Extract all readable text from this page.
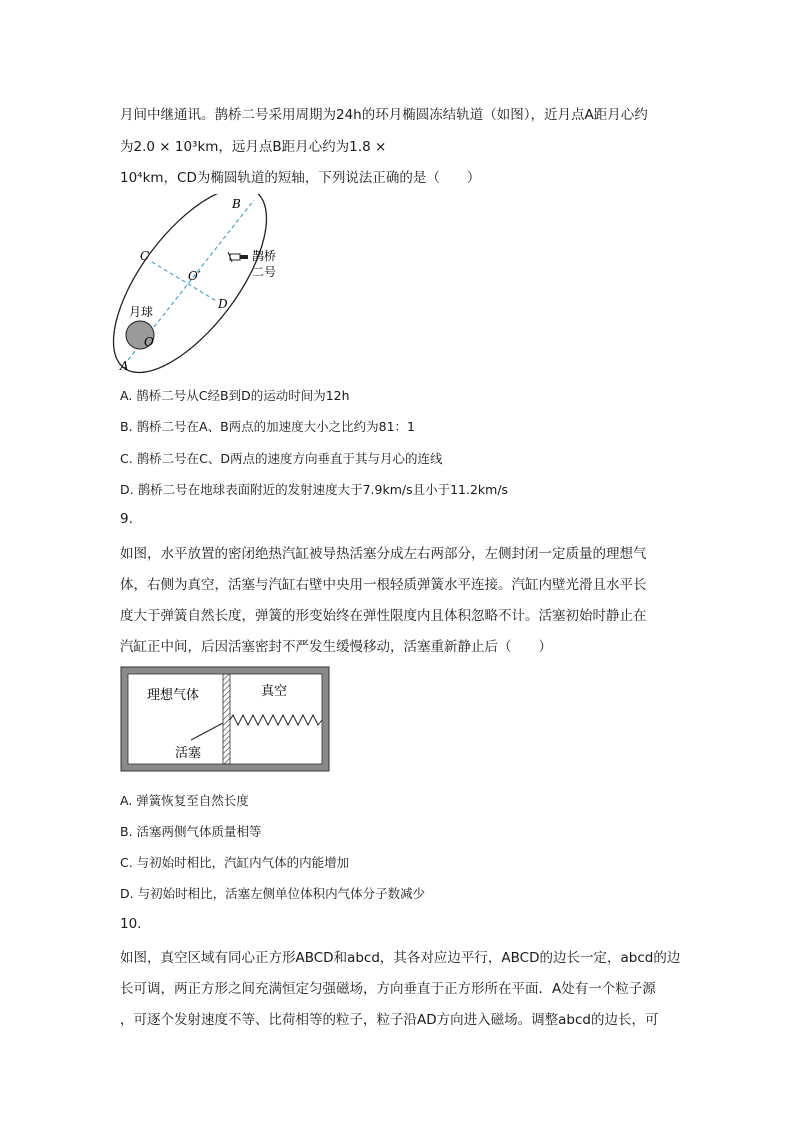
月间中继通讯。鹊桥二号采用周期为24h的环月椭圆冻结轨道（如图），近月点A距月心约
为2.0 × 10³km，远月点B距月心约为1.8 ×
10⁴km，CD为椭圆轨道的短轴，下列说法正确的是（　　）
B
C
O′
D
月球
O
A
鹊桥
二号
A. 鹊桥二号从C经B到D的运动时间为12h
B. 鹊桥二号在A、B两点的加速度大小之比约为81：1
C. 鹊桥二号在C、D两点的速度方向垂直于其与月心的连线
D. 鹊桥二号在地球表面附近的发射速度大于7.9km/s且小于11.2km/s
9.
如图，水平放置的密闭绝热汽缸被导热活塞分成左右两部分，左侧封闭一定质量的理想气
体，右侧为真空，活塞与汽缸右壁中央用一根轻质弹簧水平连接。汽缸内壁光滑且水平长
度大于弹簧自然长度，弹簧的形变始终在弹性限度内且体积忽略不计。活塞初始时静止在
汽缸正中间，后因活塞密封不严发生缓慢移动，活塞重新静止后（　　）
理想气体	真空
活塞
A. 弹簧恢复至自然长度
B. 活塞两侧气体质量相等
C. 与初始时相比，汽缸内气体的内能增加
D. 与初始时相比，活塞左侧单位体积内气体分子数减少
10.
如图，真空区域有同心正方形ABCD和abcd，其各对应边平行，ABCD的边长一定，abcd的边
长可调，两正方形之间充满恒定匀强磁场，方向垂直于正方形所在平面．A处有一个粒子源
，可逐个发射速度不等、比荷相等的粒子，粒子沿AD方向进入磁场。调整abcd的边长，可
